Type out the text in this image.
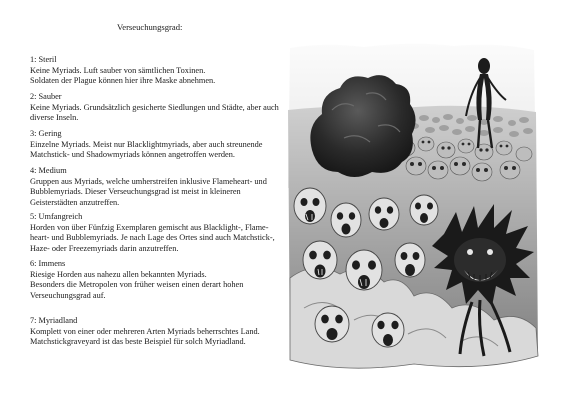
Verseuchungsgrad:
1: Steril
Keine Myriads. Luft sauber von sämtlichen Toxinen.
Soldaten der Plague können hier ihre Maske abnehmen.
2: Sauber
Keine Myriads. Grundsätzlich gesicherte Siedlungen und Städte, aber auch
diverse Inseln.
3: Gering
Einzelne Myriads. Meist nur Blacklightmyriads, aber auch streunende
Matchstick- und Shadowmyriads können angetroffen werden.
4: Medium
Gruppen aus Myriads, welche umherstreifen inklusive Flameheart- und
Bubblemyriads. Dieser Verseuchungsgrad ist meist in kleineren
Geisterstädten anzutreffen.
5: Umfangreich
Horden von über Fünfzig Exemplaren gemischt aus Blacklight-, Flame-
heart- und Bubblemyriads. Je nach Lage des Ortes sind auch Matchstick-,
Haze- oder Freezemyriads darin anzutreffen.
6: Immens
Riesige Horden aus nahezu allen bekannten Myriads.
Besonders die Metropolen von früher weisen einen derart hohen
Verseuchungsgrad auf.
7: Myriadland
Komplett von einer oder mehreren Arten Myriads beherrschtes Land.
Matchstickgraveyard ist das beste Beispiel für solch Myriadland.
